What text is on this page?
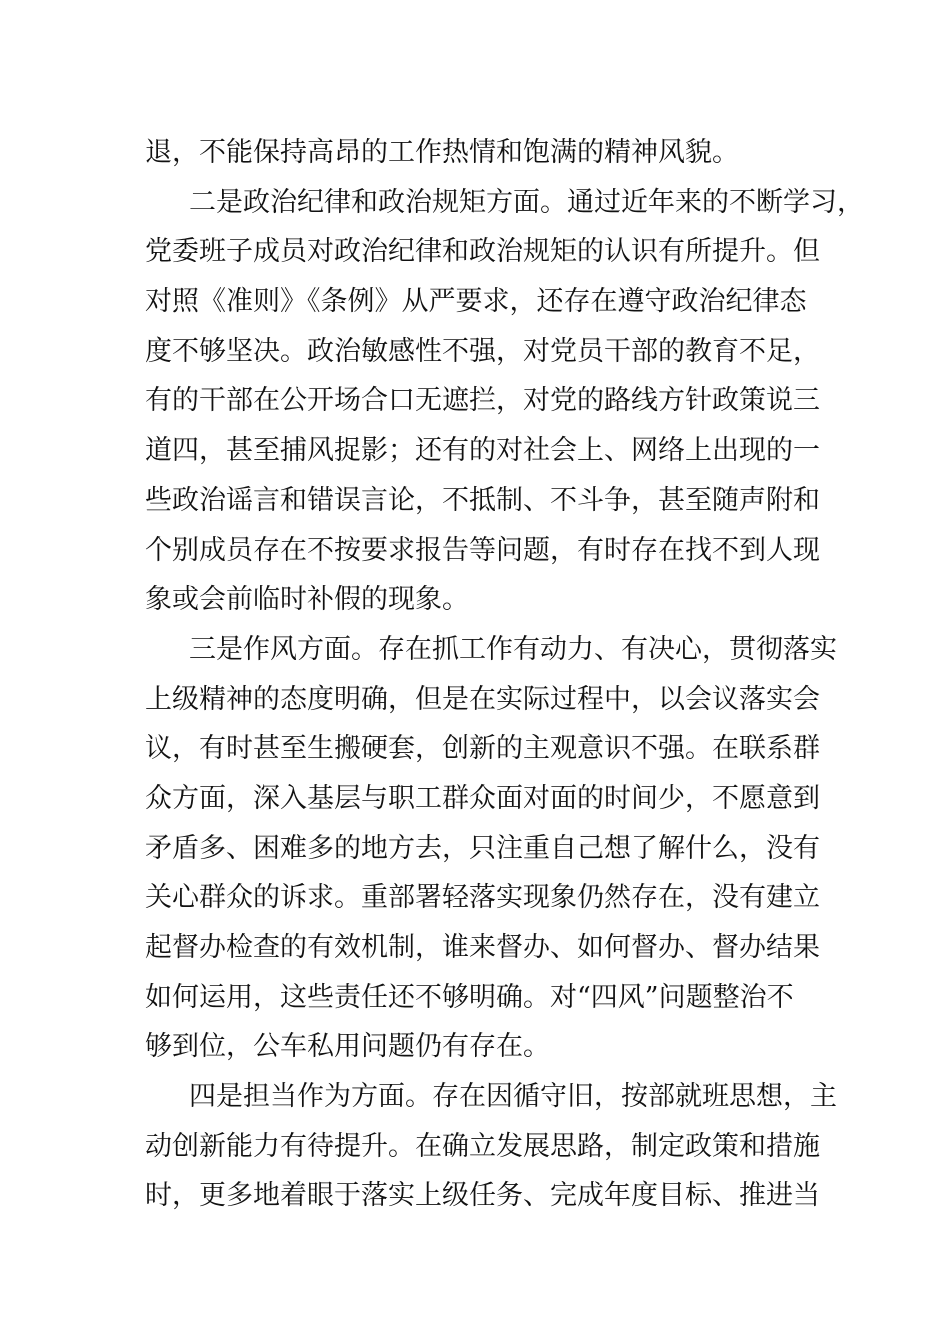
退，不能保持高昂的工作热情和饱满的精神风貌。
二是政治纪律和政治规矩方面。通过近年来的不断学习，
党委班子成员对政治纪律和政治规矩的认识有所提升。但
对照《准则》《条例》从严要求，还存在遵守政治纪律态
度不够坚决。政治敏感性不强，对党员干部的教育不足，
有的干部在公开场合口无遮拦，对党的路线方针政策说三
道四，甚至捕风捉影；还有的对社会上、网络上出现的一
些政治谣言和错误言论，不抵制、不斗争，甚至随声附和
个别成员存在不按要求报告等问题，有时存在找不到人现
象或会前临时补假的现象。
三是作风方面。存在抓工作有动力、有决心，贯彻落实
上级精神的态度明确，但是在实际过程中，以会议落实会
议，有时甚至生搬硬套，创新的主观意识不强。在联系群
众方面，深入基层与职工群众面对面的时间少，不愿意到
矛盾多、困难多的地方去，只注重自己想了解什么，没有
关心群众的诉求。重部署轻落实现象仍然存在，没有建立
起督办检查的有效机制，谁来督办、如何督办、督办结果
如何运用，这些责任还不够明确。对“四风”问题整治不
够到位，公车私用问题仍有存在。
四是担当作为方面。存在因循守旧，按部就班思想，主
动创新能力有待提升。在确立发展思路，制定政策和措施
时，更多地着眼于落实上级任务、完成年度目标、推进当
